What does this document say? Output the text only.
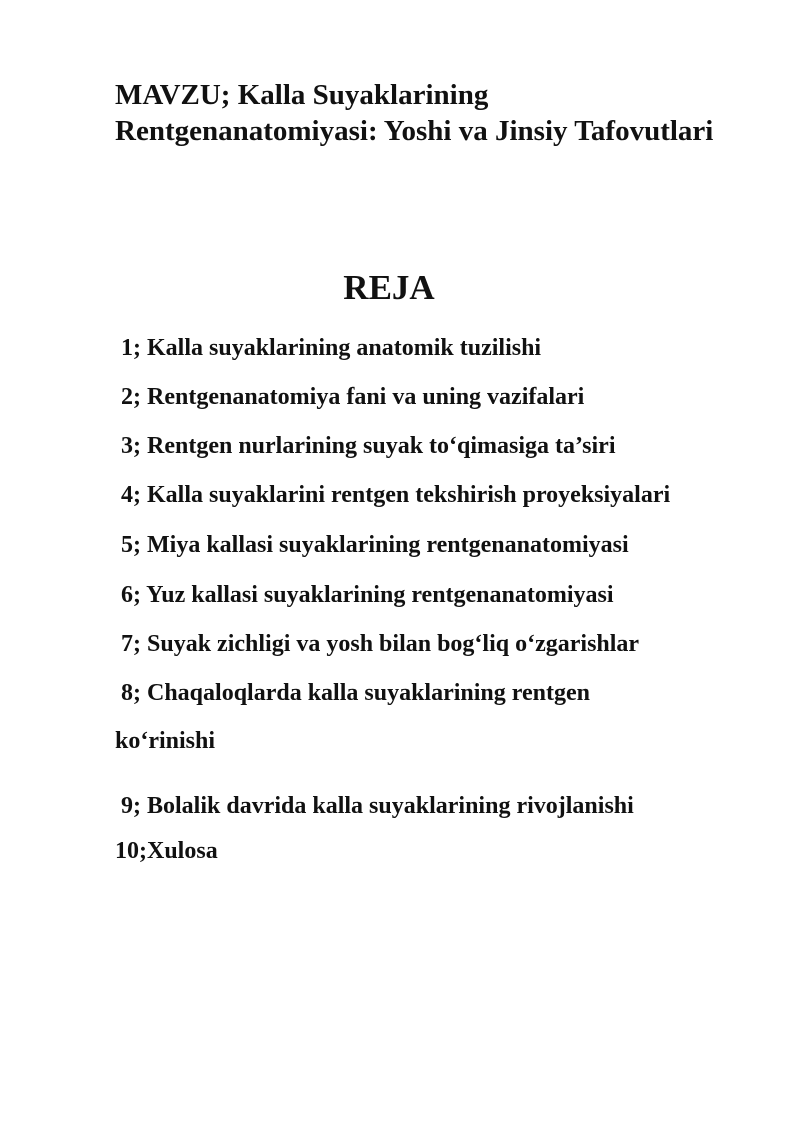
MAVZU; Kalla Suyaklarining Rentgenanatomiyasi: Yoshi va Jinsiy Tafovutlari
REJA
1; Kalla suyaklarining anatomik tuzilishi
2; Rentgenanatomiya fani va uning vazifalari
3; Rentgen nurlarining suyak to‘qimasiga ta’siri
4; Kalla suyaklarini rentgen tekshirish proyeksiyalari
5; Miya kallasi suyaklarining rentgenanatomiyasi
6; Yuz kallasi suyaklarining rentgenanatomiyasi
7; Suyak zichligi va yosh bilan bog‘liq o‘zgarishlar
8; Chaqaloqlarda kalla suyaklarining rentgen
ko‘rinishi
9; Bolalik davrida kalla suyaklarining rivojlanishi
10;Xulosa
